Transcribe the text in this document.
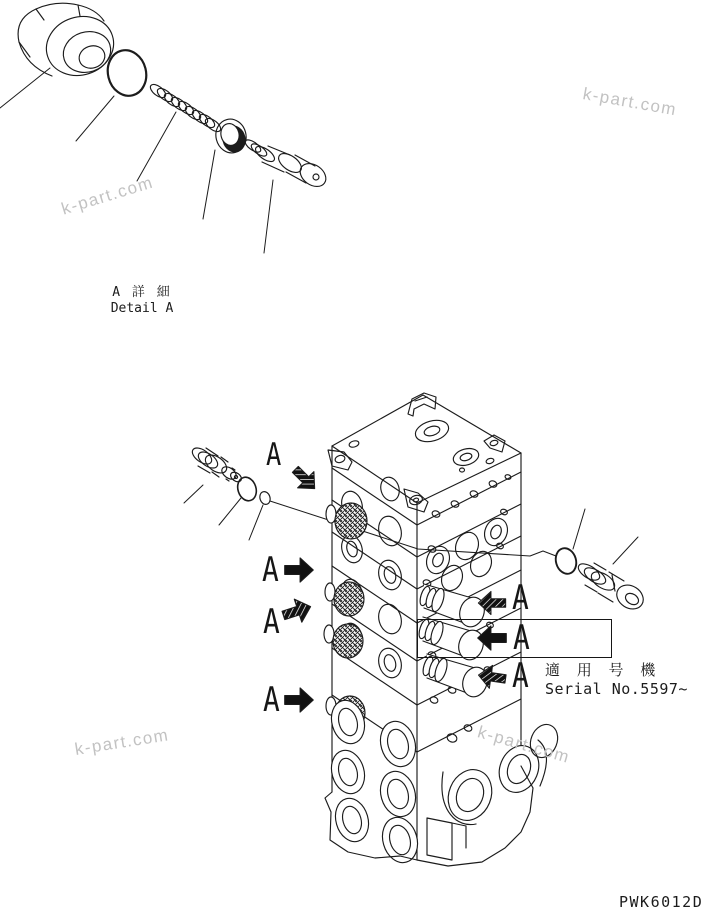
k-part.com
k-part.com
k-part.com	k-part.com
A 詳 細
Detail A
A
A
A
A
A
A
A 適 用 号 機
Serial No.5597~
PWK6012D
